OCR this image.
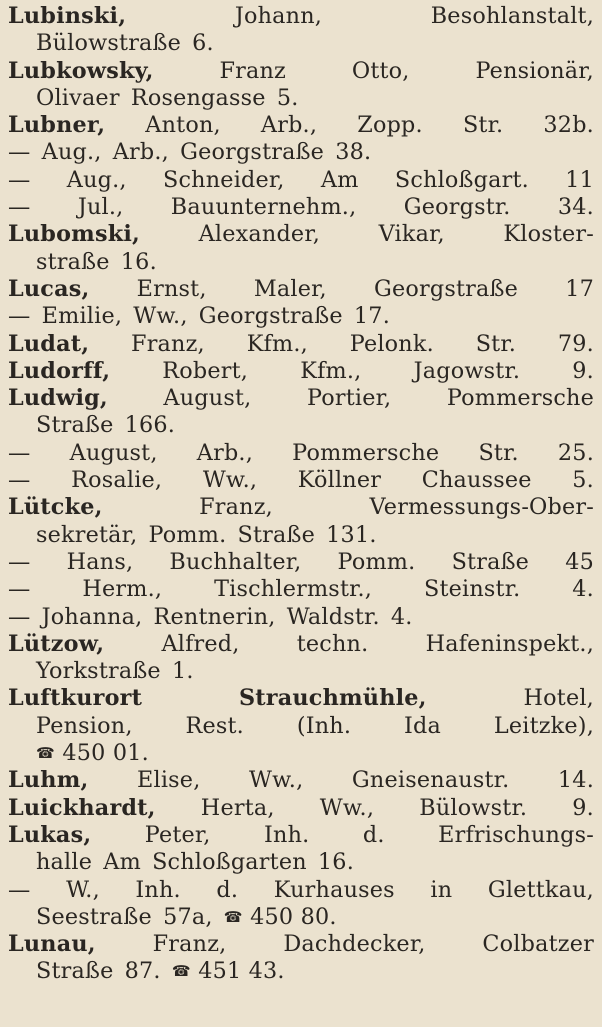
Lubinski,	Johann,	Besohlanstalt,
Bülowstraße 6.
Lubkowsky,	Franz	Otto,	Pensionär,
Olivaer Rosengasse 5.
Lubner, Anton, Arb., Zopp. Str. 32b.
— Aug., Arb., Georgstraße 38.
— Aug., Schneider, Am Schloßgart. 11
— Jul., Bauunternehm., Georgstr. 34.
Lubomski,	Alexander,	Vikar,	Kloster-
straße 16.
Lucas, Ernst, Maler, Georgstraße 17
— Emilie, Ww., Georgstraße 17.
Ludat, Franz, Kfm., Pelonk. Str. 79.
Ludorff, Robert, Kfm., Jagowstr. 9.
Ludwig, August, Portier, Pommersche
Straße 166.
— August, Arb., Pommersche Str. 25.
— Rosalie, Ww., Köllner Chaussee 5.
Lütcke,	Franz,	Vermessungs-Ober-
sekretär, Pomm. Straße 131.
— Hans, Buchhalter, Pomm. Straße 45
— Herm., Tischlermstr., Steinstr. 4.
— Johanna, Rentnerin, Waldstr. 4.
Lützow,	Alfred,	techn.	Hafeninspekt.,
Yorkstraße 1.
Luftkurort	Strauchmühle,	Hotel,
Pension, Rest. (Inh. Ida Leitzke),
☎ 450 01.
Luhm, Elise, Ww., Gneisenaustr. 14.
Luickhardt, Herta, Ww., Bülowstr. 9.
Lukas, Peter, Inh. d. Erfrischungs-
halle Am Schloßgarten 16.
— W., Inh. d. Kurhauses in Glettkau,
Seestraße 57a, ☎ 450 80.
Lunau,	Franz,	Dachdecker,	Colbatzer
Straße 87. ☎ 451 43.
